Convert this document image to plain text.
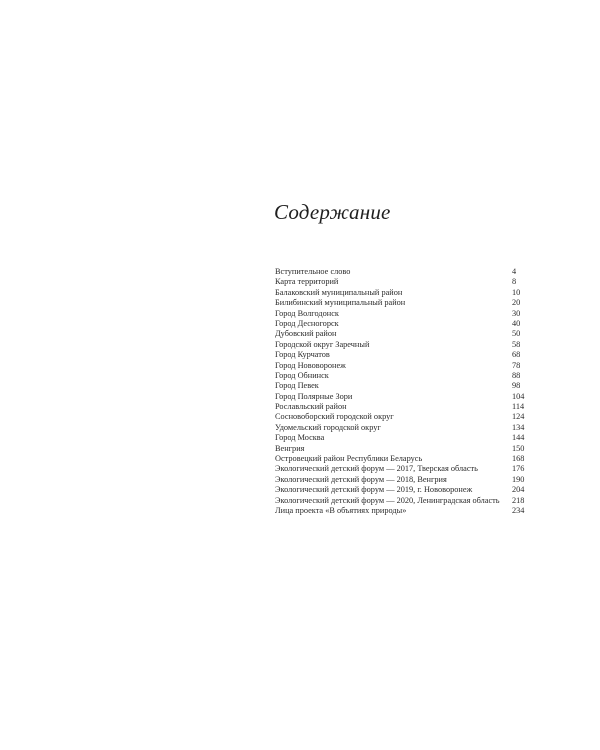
Содержание
Вступительное слово	4
Карта территорий	8
Балаковский муниципальный район	10
Билибинский муниципальный район	20
Город Волгодонск	30
Город Десногорск	40
Дубовский район	50
Городской округ Заречный	58
Город Курчатов	68
Город Нововоронеж	78
Город Обнинск	88
Город Певек	98
Город Полярные Зори	104
Рославльский район	114
Сосновоборский городской округ	124
Удомельский городской округ	134
Город Москва	144
Венгрия	150
Островецкий район Республики Беларусь	168
Экологический детский форум — 2017, Тверская область	176
Экологический детский форум — 2018, Венгрия	190
Экологический детский форум — 2019, г. Нововоронеж	204
Экологический детский форум — 2020, Ленинградская область 218
Лица проекта «В объятиях природы»	234
